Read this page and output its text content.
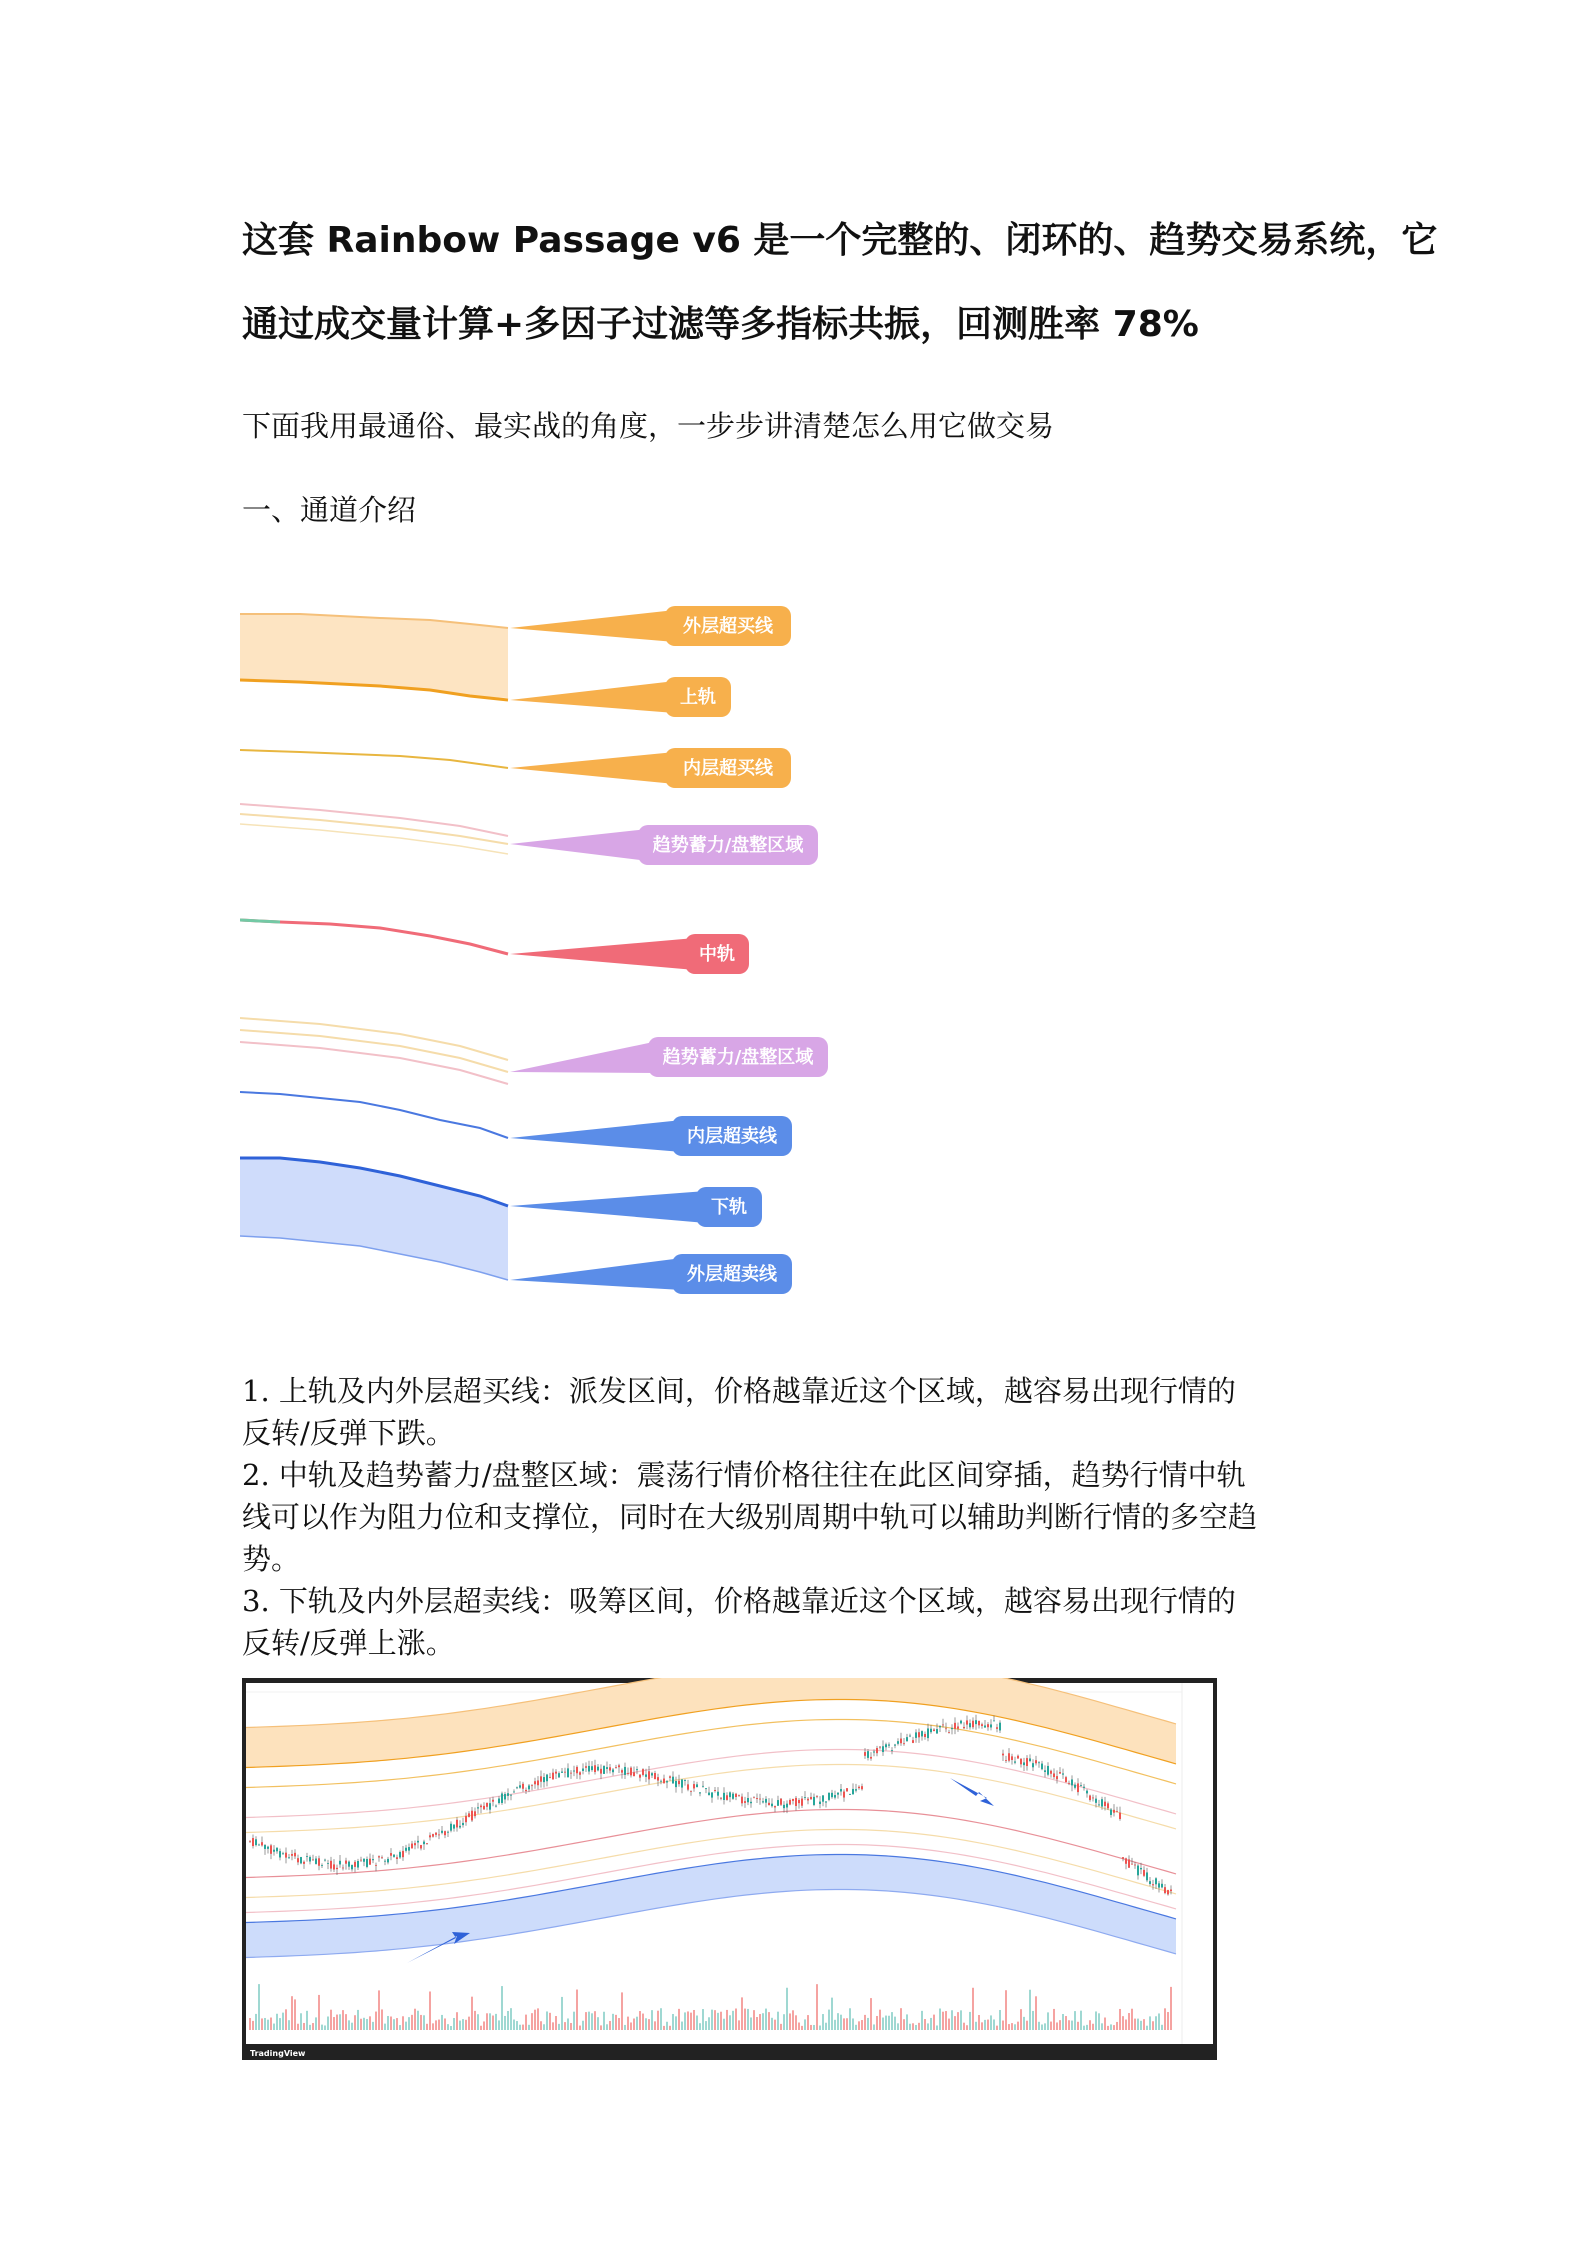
这套 Rainbow Passage v6 是一个完整的、闭环的、趋势交易系统，它
通过成交量计算+多因子过滤等多指标共振，回测胜率 78%
下面我用最通俗、最实战的角度，一步步讲清楚怎么用它做交易
一、通道介绍
外层超买线
上轨
内层超买线
趋势蓄力/盘整区域
中轨
趋势蓄力/盘整区域
内层超卖线
下轨
外层超卖线
1. 上轨及内外层超买线：派发区间，价格越靠近这个区域，越容易出现行情的
反转/反弹下跌。
2. 中轨及趋势蓄力/盘整区域：震荡行情价格往往在此区间穿插，趋势行情中轨
线可以作为阻力位和支撑位，同时在大级别周期中轨可以辅助判断行情的多空趋
势。
3. 下轨及内外层超卖线：吸筹区间，价格越靠近这个区域，越容易出现行情的
反转/反弹上涨。
TradingView
